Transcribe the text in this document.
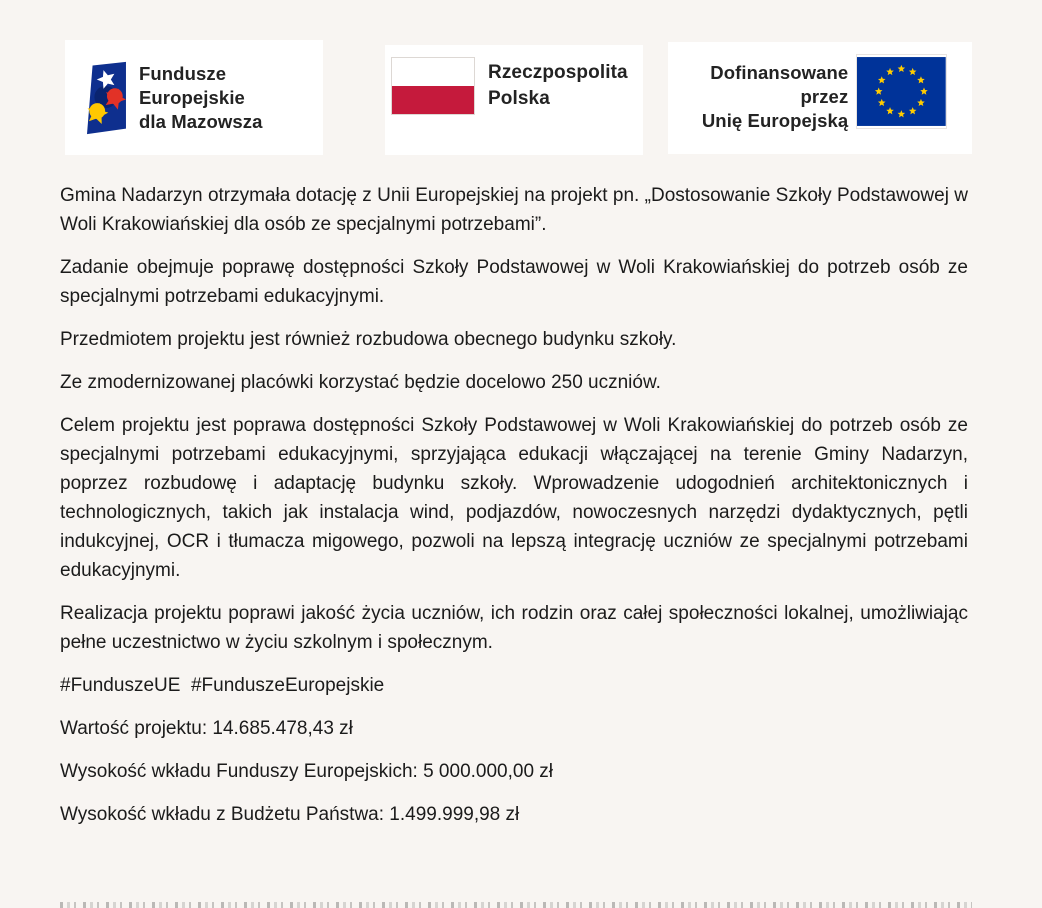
Fundusze Europejskie
dla Mazowsza
Rzeczpospolita
Polska
Dofinansowane przez
Unię Europejską

Gmina Nadarzyn otrzymała dotację z Unii Europejskiej na projekt pn. „Dostosowanie Szkoły Podstawowej w Woli Krakowiańskiej dla osób ze specjalnymi potrzebami”.

Zadanie obejmuje poprawę dostępności Szkoły Podstawowej w Woli Krakowiańskiej do potrzeb osób ze specjalnymi potrzebami edukacyjnymi.

Przedmiotem projektu jest również rozbudowa obecnego budynku szkoły.

Ze zmodernizowanej placówki korzystać będzie docelowo 250 uczniów.

Celem projektu jest poprawa dostępności Szkoły Podstawowej w Woli Krakowiańskiej do potrzeb osób ze specjalnymi potrzebami edukacyjnymi, sprzyjająca edukacji włączającej na terenie Gminy Nadarzyn, poprzez rozbudowę i adaptację budynku szkoły. Wprowadzenie udogodnień architektonicznych i technologicznych, takich jak instalacja wind, podjazdów, nowoczesnych narzędzi dydaktycznych, pętli indukcyjnej, OCR i tłumacza migowego, pozwoli na lepszą integrację uczniów ze specjalnymi potrzebami edukacyjnymi.

Realizacja projektu poprawi jakość życia uczniów, ich rodzin oraz całej społeczności lokalnej, umożliwiając pełne uczestnictwo w życiu szkolnym i społecznym.

#FunduszeUE  #FunduszeEuropejskie

Wartość projektu: 14.685.478,43 zł

Wysokość wkładu Funduszy Europejskich: 5 000.000,00 zł

Wysokość wkładu z Budżetu Państwa: 1.499.999,98 zł
